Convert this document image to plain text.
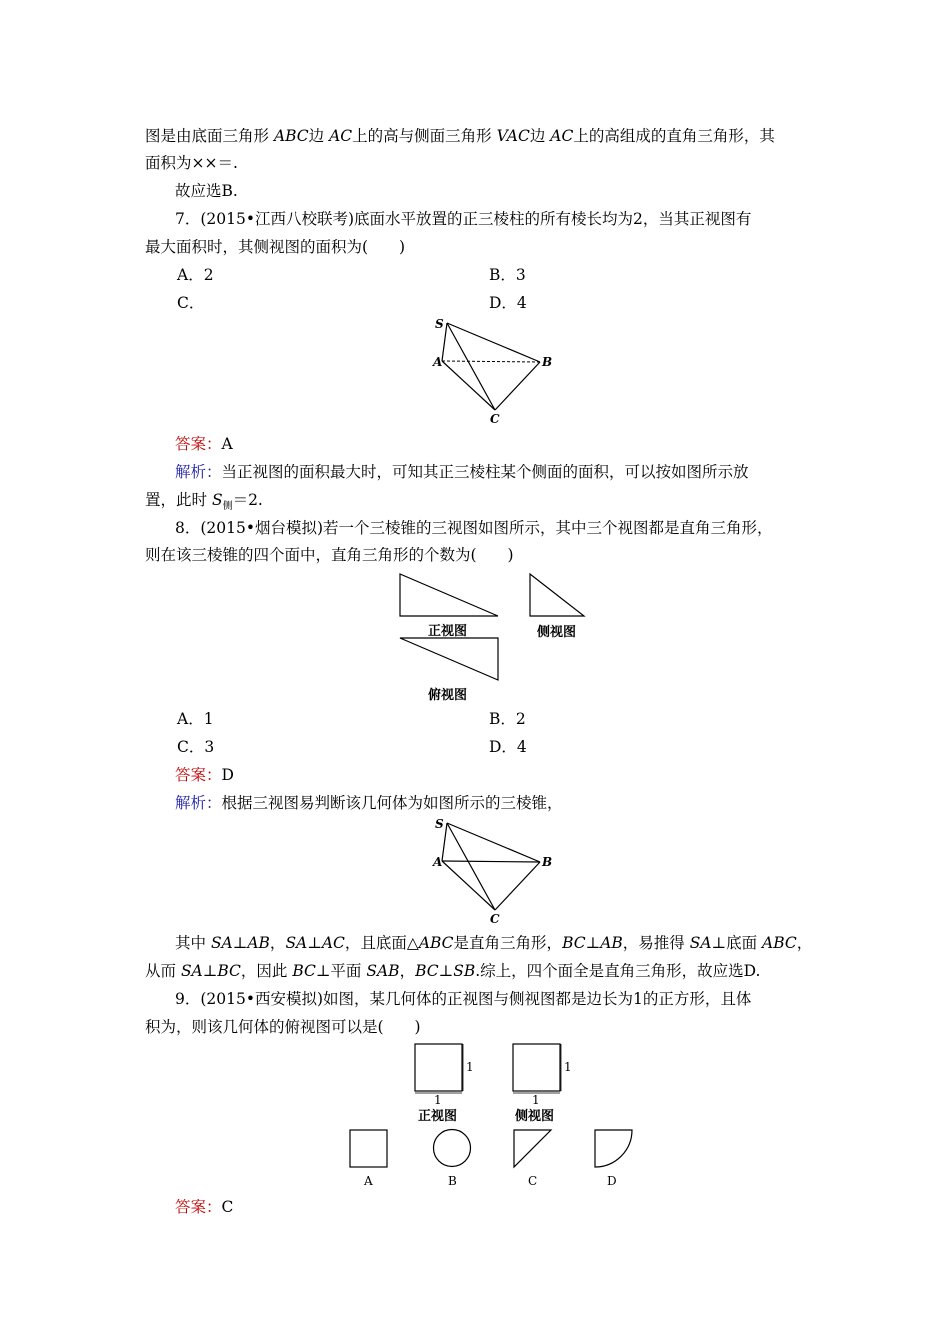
图是由底面三角形 ABC边 AC上的高与侧面三角形 VAC边 AC上的高组成的直角三角形，其
面积为××＝.
故应选B.
7．(2015•江西八校联考)底面水平放置的正三棱柱的所有棱长均为2，当其正视图有
最大面积时，其侧视图的面积为(　　)
A．2	B．3
C．	D．4
S
A	B
C
答案：A
解析：当正视图的面积最大时，可知其正三棱柱某个侧面的面积，可以按如图所示放
置，此时 $S_侧=2$.
8．(2015•烟台模拟)若一个三棱锥的三视图如图所示，其中三个视图都是直角三角形，
则在该三棱锥的四个面中，直角三角形的个数为(　　)
正视图	侧视图
俯视图
A．1	B．2
C．3	D．4
答案：D
解析：根据三视图易判断该几何体为如图所示的三棱锥，
S
A	B
C
其中 SA⊥AB，SA⊥AC，且底面△ABC是直角三角形，BC⊥AB，易推得 SA⊥底面 ABC，
从而 SA⊥BC，因此 BC⊥平面 SAB，BC⊥SB.综上，四个面全是直角三角形，故应选D.
9．(2015•西安模拟)如图，某几何体的正视图与侧视图都是边长为1的正方形，且体
积为，则该几何体的俯视图可以是(　　)
1
1
1
1
正视图	侧视图
A	B	C	D
答案：C
